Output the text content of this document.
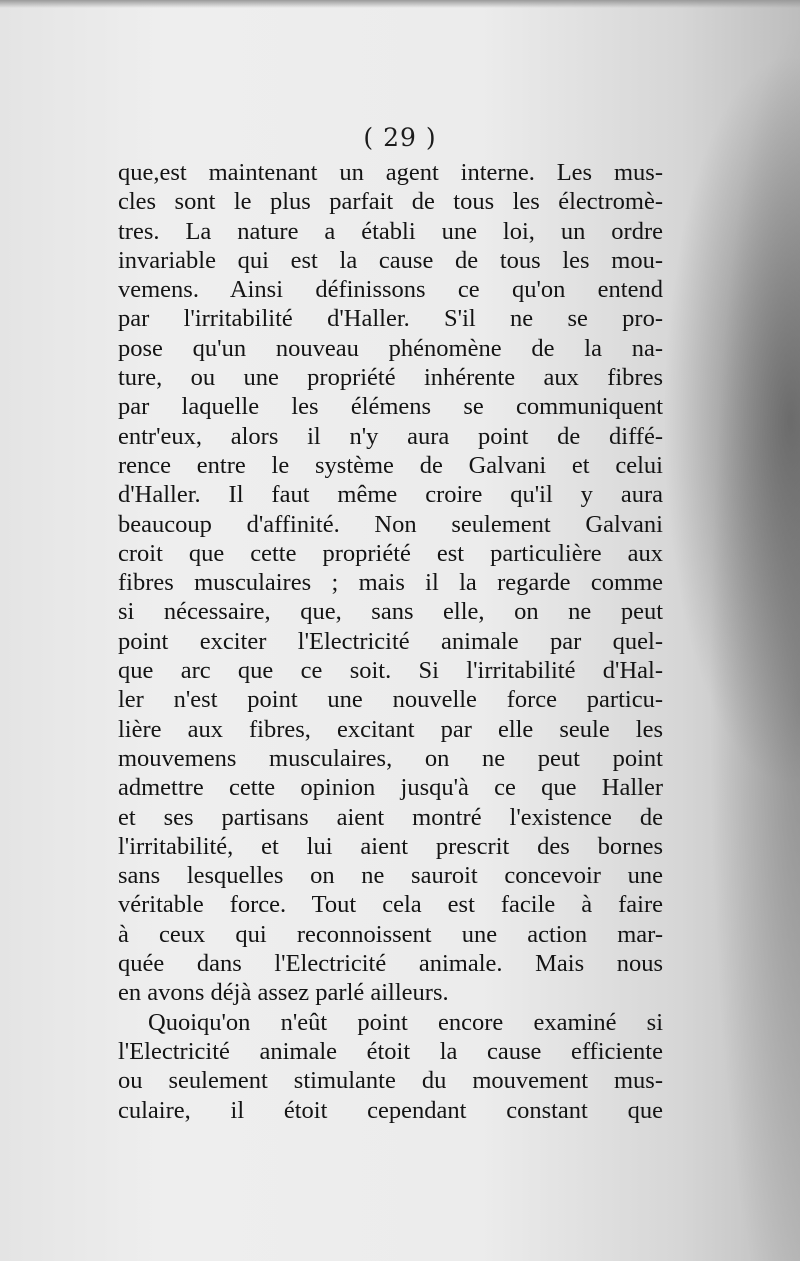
( 29 )
que,est maintenant un agent interne. Les mus-
cles sont le plus parfait de tous les électromè-
tres. La nature a établi une loi, un ordre
invariable qui est la cause de tous les mou-
vemens. Ainsi définissons ce qu'on entend
par l'irritabilité d'Haller. S'il ne se pro-
pose qu'un nouveau phénomène de la na-
ture, ou une propriété inhérente aux fibres
par laquelle les élémens se communiquent
entr'eux, alors il n'y aura point de diffé-
rence entre le système de Galvani et celui
d'Haller. Il faut même croire qu'il y aura
beaucoup d'affinité. Non seulement Galvani
croit que cette propriété est particulière aux
fibres musculaires ; mais il la regarde comme
si nécessaire, que, sans elle, on ne peut
point exciter l'Electricité animale par quel-
que arc que ce soit. Si l'irritabilité d'Hal-
ler n'est point une nouvelle force particu-
lière aux fibres, excitant par elle seule les
mouvemens musculaires, on ne peut point
admettre cette opinion jusqu'à ce que Haller
et ses partisans aient montré l'existence de
l'irritabilité, et lui aient prescrit des bornes
sans lesquelles on ne sauroit concevoir une
véritable force. Tout cela est facile à faire
à ceux qui reconnoissent une action mar-
quée dans l'Electricité animale. Mais nous
en avons déjà assez parlé ailleurs.
Quoiqu'on n'eût point encore examiné si
l'Electricité animale étoit la cause efficiente
ou seulement stimulante du mouvement mus-
culaire, il étoit cependant constant que
